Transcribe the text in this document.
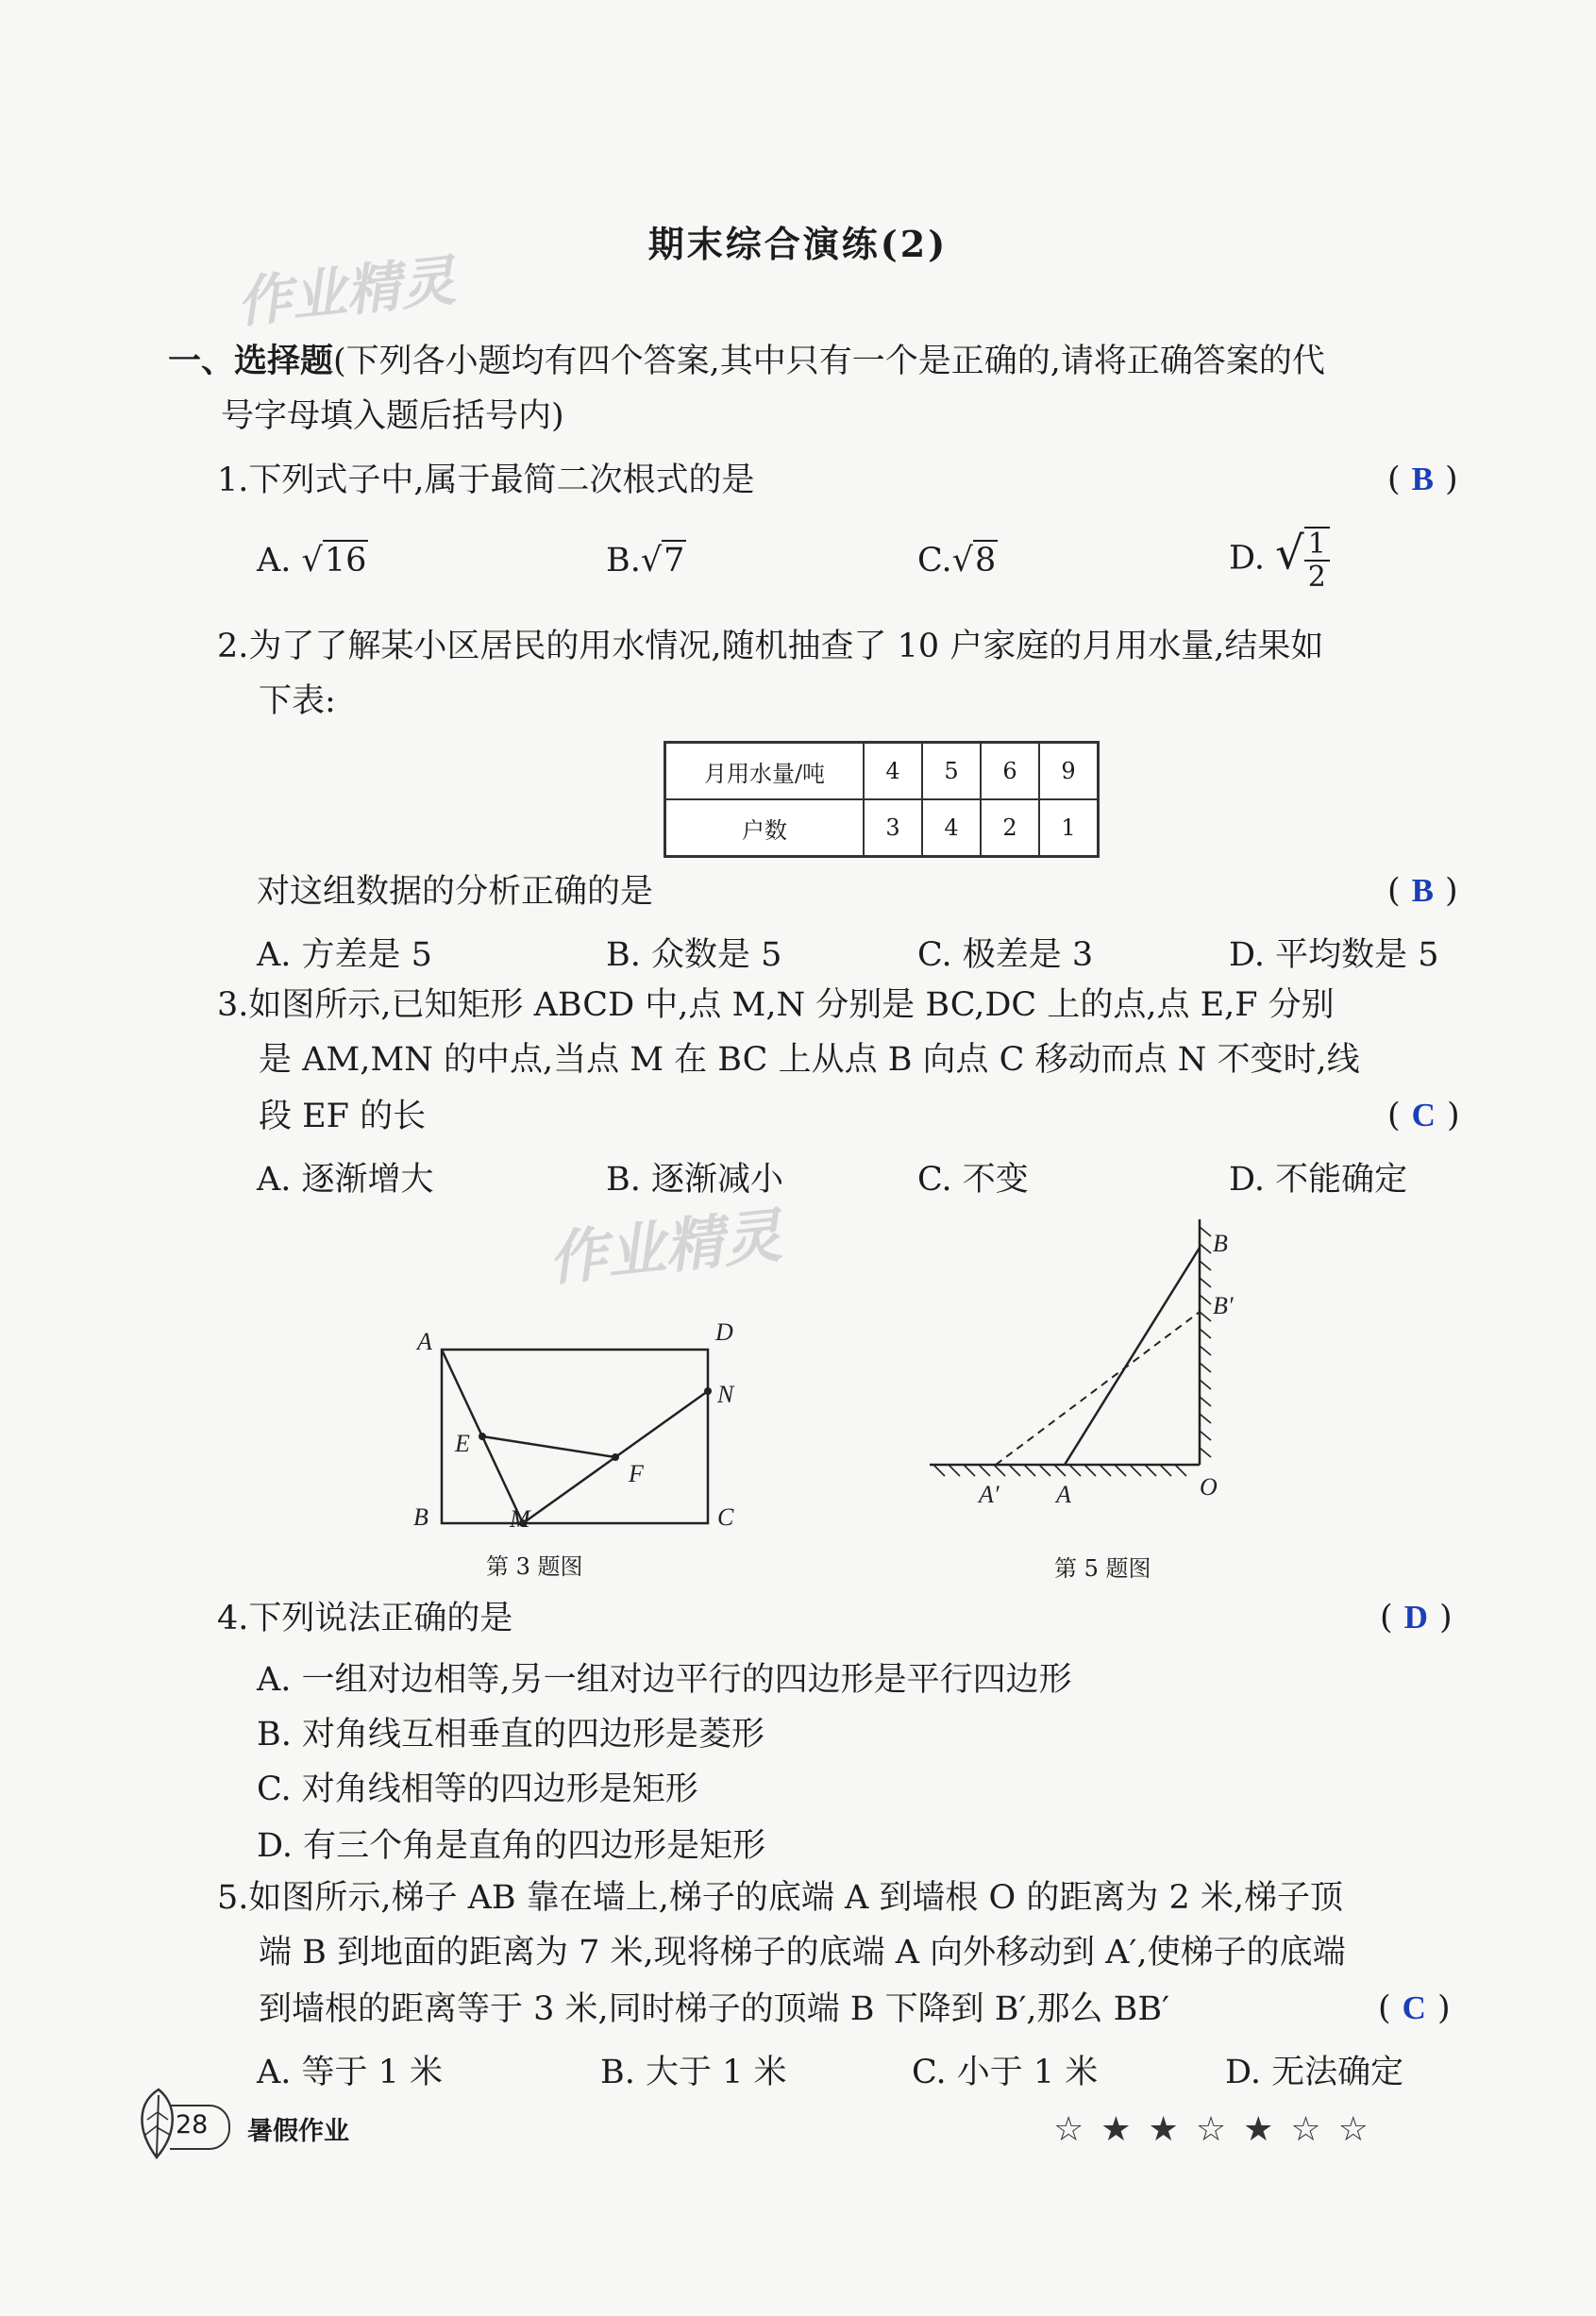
期末综合演练(2)
作业精灵
作业精灵
一、选择题(下列各小题均有四个答案,其中只有一个是正确的,请将正确答案的代
号字母填入题后括号内)
1.下列式子中,属于最简二次根式的是	( B )
A. √16	B.√7	C.√8	D. √ $\frac{1}{2}$
2.为了了解某小区居民的用水情况,随机抽查了 10 户家庭的月用水量,结果如
下表:
月用水量/吨	4	5	6	9
户数	3	4	2	1
对这组数据的分析正确的是	( B )
A. 方差是 5	B. 众数是 5	C. 极差是 3	D. 平均数是 5
3.如图所示,已知矩形 ABCD 中,点 M,N 分别是 BC,DC 上的点,点 E,F 分别
是 AM,MN 的中点,当点 M 在 BC 上从点 B 向点 C 移动而点 N 不变时,线
段 EF 的长	( C )
A. 逐渐增大	B. 逐渐减小	C. 不变	D. 不能确定
A	D
N
E
F
B	M	C
第 3 题图
B
B′
A′ A	O
第 5 题图
4.下列说法正确的是	( D )
A. 一组对边相等,另一组对边平行的四边形是平行四边形
B. 对角线互相垂直的四边形是菱形
C. 对角线相等的四边形是矩形
D. 有三个角是直角的四边形是矩形
5.如图所示,梯子 AB 靠在墙上,梯子的底端 A 到墙根 O 的距离为 2 米,梯子顶
端 B 到地面的距离为 7 米,现将梯子的底端 A 向外移动到 A′,使梯子的底端
到墙根的距离等于 3 米,同时梯子的顶端 B 下降到 B′,那么 BB′	( C )
A. 等于 1 米	B. 大于 1 米	C. 小于 1 米	D. 无法确定
28 暑假作业	☆★★☆★☆☆
